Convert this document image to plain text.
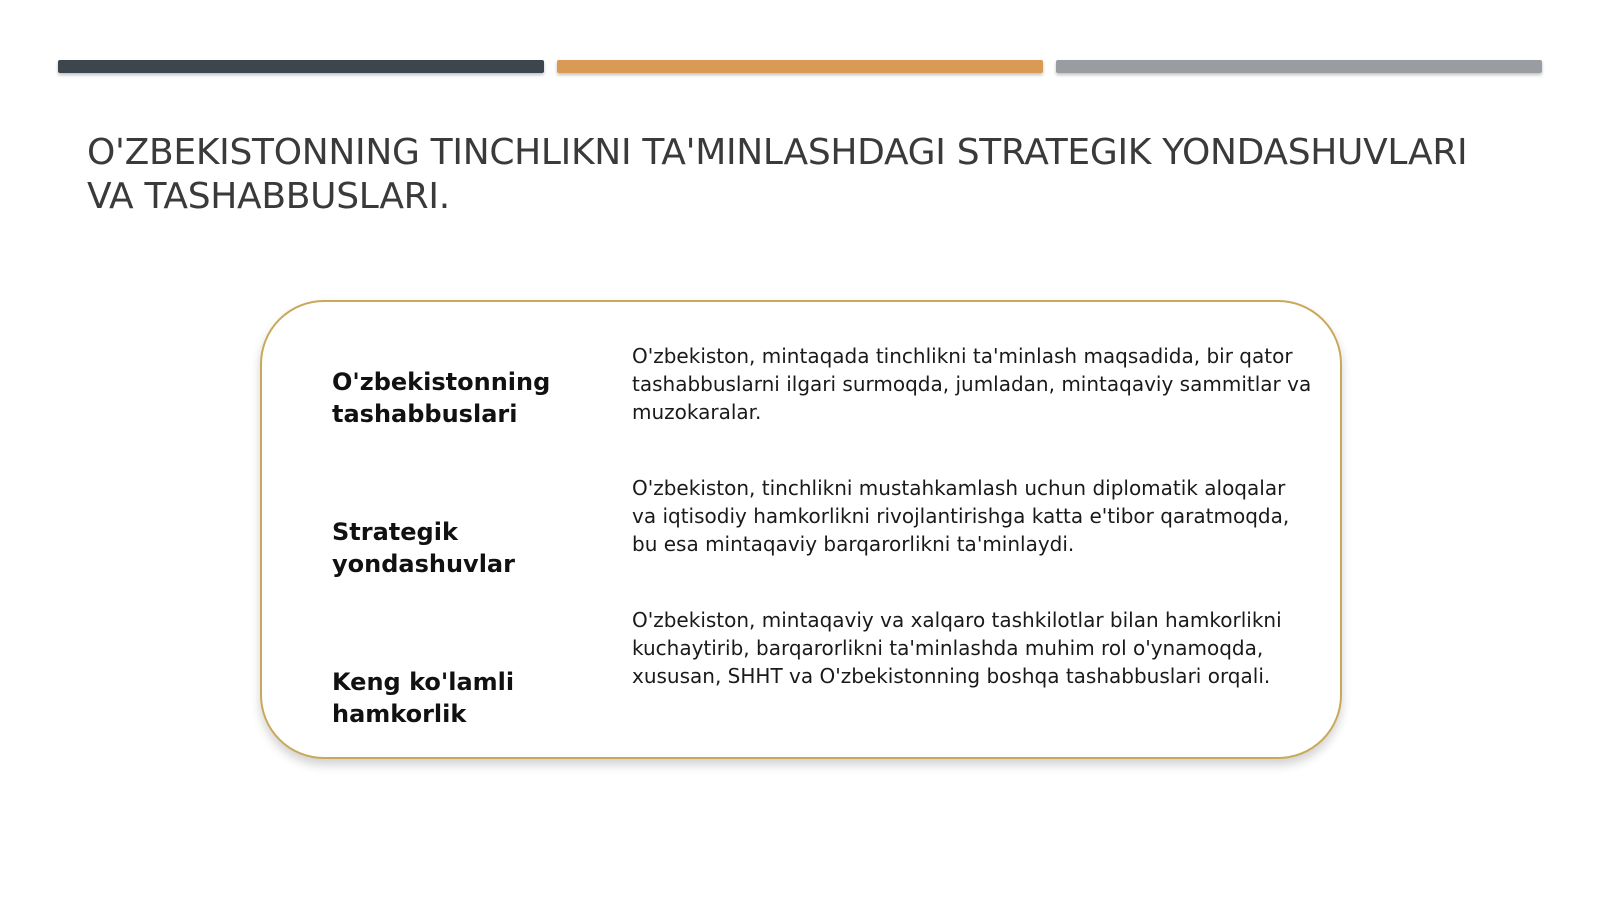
O'ZBEKISTONNING TINCHLIKNI TA'MINLASHDAGI STRATEGIK YONDASHUVLARI VA TASHABBUSLARI.

O'zbekistonning tashabbuslari

O'zbekiston, mintaqada tinchlikni ta'minlash maqsadida, bir qator tashabbuslarni ilgari surmoqda, jumladan, mintaqaviy sammitlar va muzokaralar.

Strategik yondashuvlar

O'zbekiston, tinchlikni mustahkamlash uchun diplomatik aloqalar va iqtisodiy hamkorlikni rivojlantirishga katta e'tibor qaratmoqda, bu esa mintaqaviy barqarorlikni ta'minlaydi.

Keng ko'lamli hamkorlik

O'zbekiston, mintaqaviy va xalqaro tashkilotlar bilan hamkorlikni kuchaytirib, barqarorlikni ta'minlashda muhim rol o'ynamoqda, xususan, SHHT va O'zbekistonning boshqa tashabbuslari orqali.
